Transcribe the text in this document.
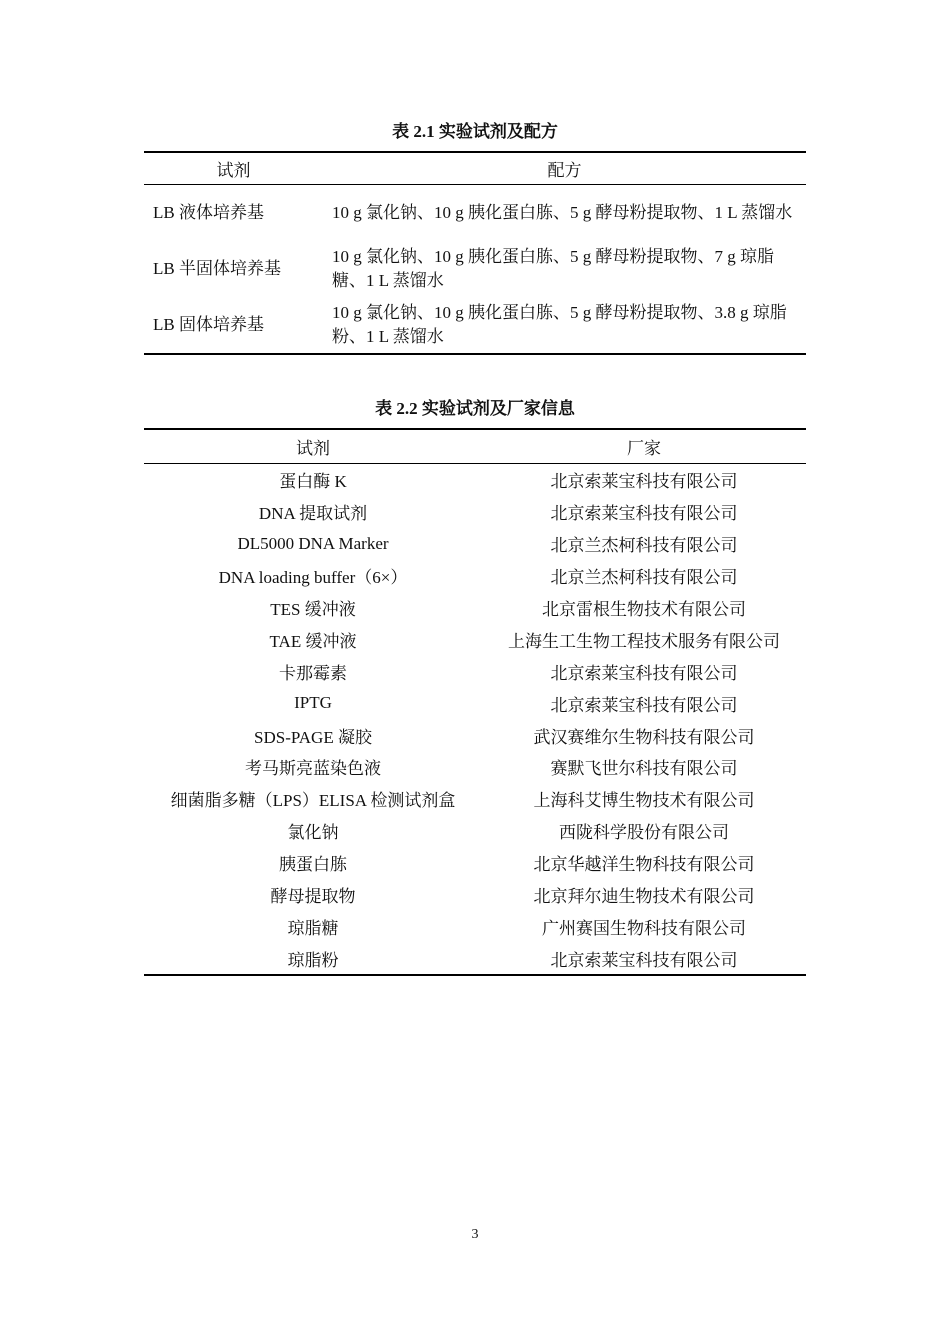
表 2.1 实验试剂及配方
试剂	配方
LB 液体培养基	10 g 氯化钠、10 g 胰化蛋白胨、5 g 酵母粉提取物、1 L 蒸馏水
LB 半固体培养基	10 g 氯化钠、10 g 胰化蛋白胨、5 g 酵母粉提取物、7 g 琼脂糖、1 L 蒸馏水
LB 固体培养基	10 g 氯化钠、10 g 胰化蛋白胨、5 g 酵母粉提取物、3.8 g 琼脂粉、1 L 蒸馏水
表 2.2 实验试剂及厂家信息
试剂	厂家
蛋白酶 K	北京索莱宝科技有限公司
DNA 提取试剂	北京索莱宝科技有限公司
DL5000 DNA Marker	北京兰杰柯科技有限公司
DNA loading buffer（6×）	北京兰杰柯科技有限公司
TES 缓冲液	北京雷根生物技术有限公司
TAE 缓冲液	上海生工生物工程技术服务有限公司
卡那霉素	北京索莱宝科技有限公司
IPTG	北京索莱宝科技有限公司
SDS-PAGE 凝胶	武汉赛维尔生物科技有限公司
考马斯亮蓝染色液	赛默飞世尔科技有限公司
细菌脂多糖（LPS）ELISA 检测试剂盒	上海科艾博生物技术有限公司
氯化钠	西陇科学股份有限公司
胰蛋白胨	北京华越洋生物科技有限公司
酵母提取物	北京拜尔迪生物技术有限公司
琼脂糖	广州赛国生物科技有限公司
琼脂粉	北京索莱宝科技有限公司
3
